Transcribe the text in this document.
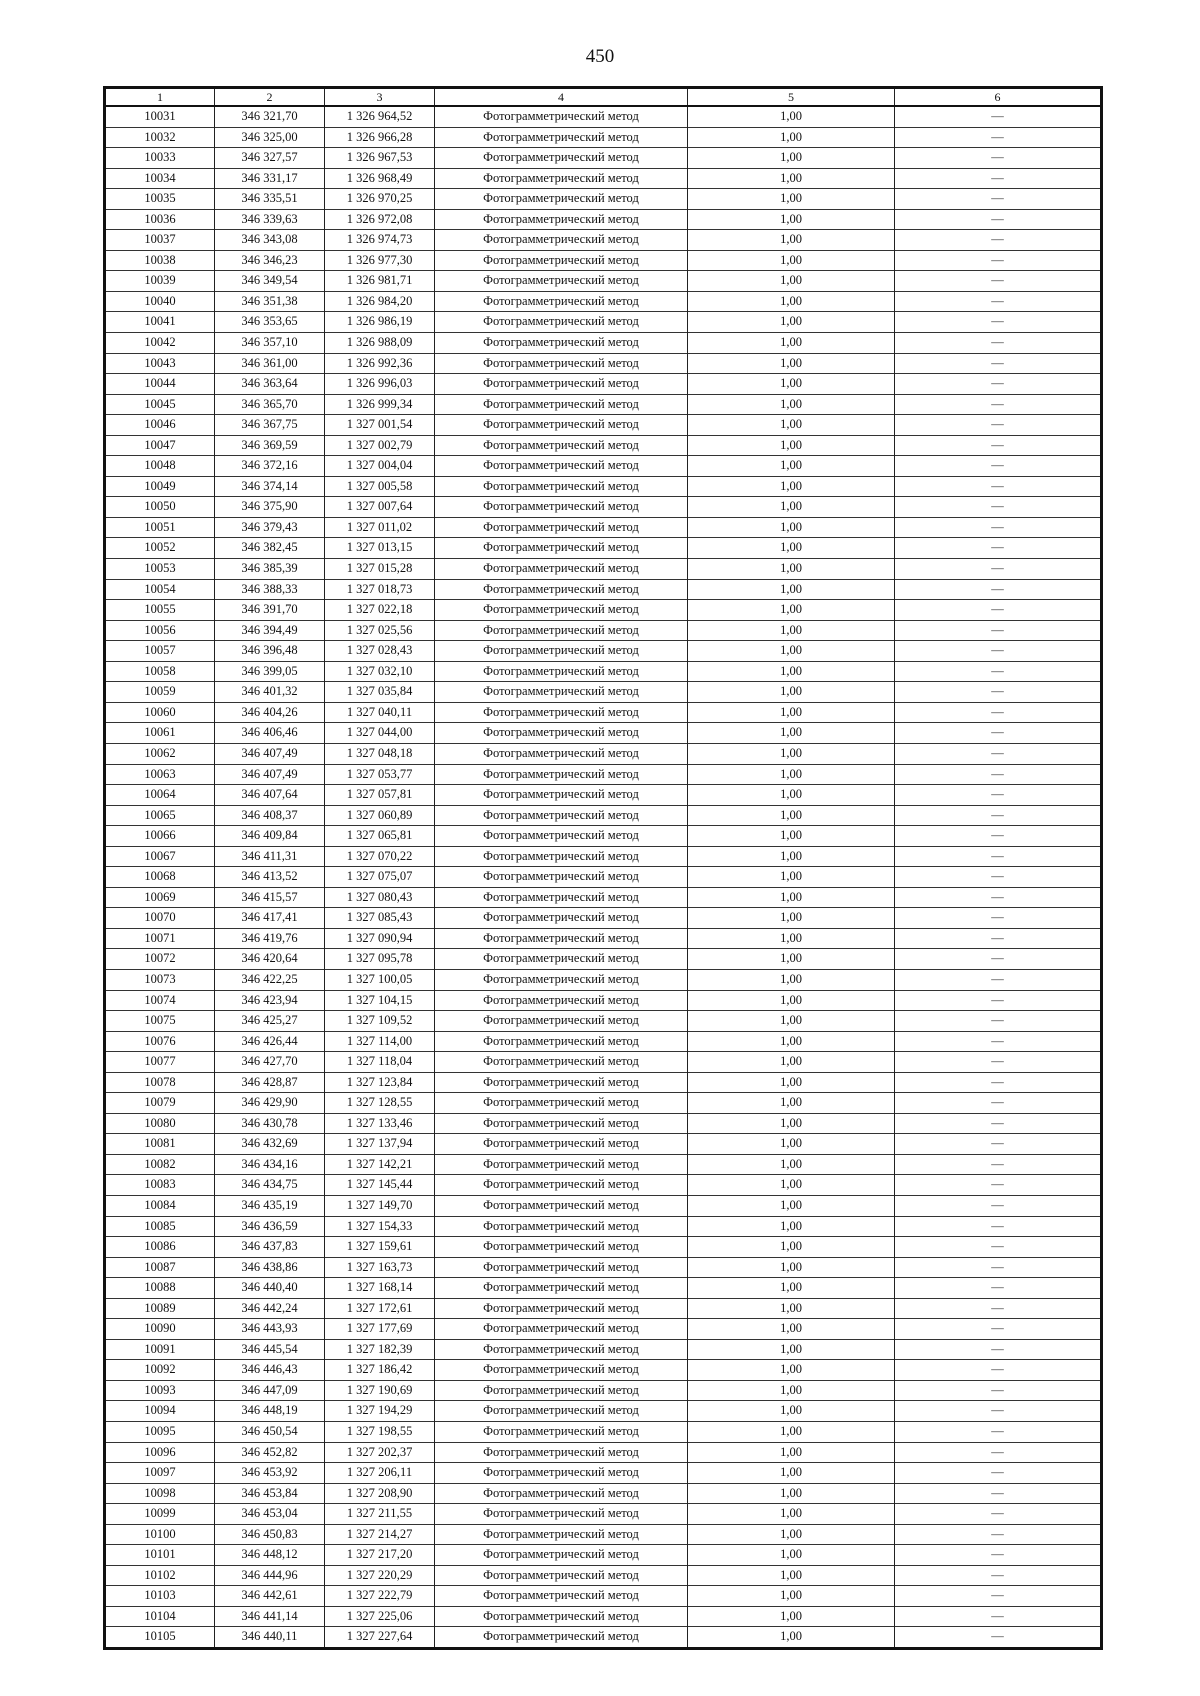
450
1	2	3	4	5	6
10031	346 321,70	1 326 964,52	Фотограмметрический метод	1,00	—
10032	346 325,00	1 326 966,28	Фотограмметрический метод	1,00	—
10033	346 327,57	1 326 967,53	Фотограмметрический метод	1,00	—
10034	346 331,17	1 326 968,49	Фотограмметрический метод	1,00	—
10035	346 335,51	1 326 970,25	Фотограмметрический метод	1,00	—
10036	346 339,63	1 326 972,08	Фотограмметрический метод	1,00	—
10037	346 343,08	1 326 974,73	Фотограмметрический метод	1,00	—
10038	346 346,23	1 326 977,30	Фотограмметрический метод	1,00	—
10039	346 349,54	1 326 981,71	Фотограмметрический метод	1,00	—
10040	346 351,38	1 326 984,20	Фотограмметрический метод	1,00	—
10041	346 353,65	1 326 986,19	Фотограмметрический метод	1,00	—
10042	346 357,10	1 326 988,09	Фотограмметрический метод	1,00	—
10043	346 361,00	1 326 992,36	Фотограмметрический метод	1,00	—
10044	346 363,64	1 326 996,03	Фотограмметрический метод	1,00	—
10045	346 365,70	1 326 999,34	Фотограмметрический метод	1,00	—
10046	346 367,75	1 327 001,54	Фотограмметрический метод	1,00	—
10047	346 369,59	1 327 002,79	Фотограмметрический метод	1,00	—
10048	346 372,16	1 327 004,04	Фотограмметрический метод	1,00	—
10049	346 374,14	1 327 005,58	Фотограмметрический метод	1,00	—
10050	346 375,90	1 327 007,64	Фотограмметрический метод	1,00	—
10051	346 379,43	1 327 011,02	Фотограмметрический метод	1,00	—
10052	346 382,45	1 327 013,15	Фотограмметрический метод	1,00	—
10053	346 385,39	1 327 015,28	Фотограмметрический метод	1,00	—
10054	346 388,33	1 327 018,73	Фотограмметрический метод	1,00	—
10055	346 391,70	1 327 022,18	Фотограмметрический метод	1,00	—
10056	346 394,49	1 327 025,56	Фотограмметрический метод	1,00	—
10057	346 396,48	1 327 028,43	Фотограмметрический метод	1,00	—
10058	346 399,05	1 327 032,10	Фотограмметрический метод	1,00	—
10059	346 401,32	1 327 035,84	Фотограмметрический метод	1,00	—
10060	346 404,26	1 327 040,11	Фотограмметрический метод	1,00	—
10061	346 406,46	1 327 044,00	Фотограмметрический метод	1,00	—
10062	346 407,49	1 327 048,18	Фотограмметрический метод	1,00	—
10063	346 407,49	1 327 053,77	Фотограмметрический метод	1,00	—
10064	346 407,64	1 327 057,81	Фотограмметрический метод	1,00	—
10065	346 408,37	1 327 060,89	Фотограмметрический метод	1,00	—
10066	346 409,84	1 327 065,81	Фотограмметрический метод	1,00	—
10067	346 411,31	1 327 070,22	Фотограмметрический метод	1,00	—
10068	346 413,52	1 327 075,07	Фотограмметрический метод	1,00	—
10069	346 415,57	1 327 080,43	Фотограмметрический метод	1,00	—
10070	346 417,41	1 327 085,43	Фотограмметрический метод	1,00	—
10071	346 419,76	1 327 090,94	Фотограмметрический метод	1,00	—
10072	346 420,64	1 327 095,78	Фотограмметрический метод	1,00	—
10073	346 422,25	1 327 100,05	Фотограмметрический метод	1,00	—
10074	346 423,94	1 327 104,15	Фотограмметрический метод	1,00	—
10075	346 425,27	1 327 109,52	Фотограмметрический метод	1,00	—
10076	346 426,44	1 327 114,00	Фотограмметрический метод	1,00	—
10077	346 427,70	1 327 118,04	Фотограмметрический метод	1,00	—
10078	346 428,87	1 327 123,84	Фотограмметрический метод	1,00	—
10079	346 429,90	1 327 128,55	Фотограмметрический метод	1,00	—
10080	346 430,78	1 327 133,46	Фотограмметрический метод	1,00	—
10081	346 432,69	1 327 137,94	Фотограмметрический метод	1,00	—
10082	346 434,16	1 327 142,21	Фотограмметрический метод	1,00	—
10083	346 434,75	1 327 145,44	Фотограмметрический метод	1,00	—
10084	346 435,19	1 327 149,70	Фотограмметрический метод	1,00	—
10085	346 436,59	1 327 154,33	Фотограмметрический метод	1,00	—
10086	346 437,83	1 327 159,61	Фотограмметрический метод	1,00	—
10087	346 438,86	1 327 163,73	Фотограмметрический метод	1,00	—
10088	346 440,40	1 327 168,14	Фотограмметрический метод	1,00	—
10089	346 442,24	1 327 172,61	Фотограмметрический метод	1,00	—
10090	346 443,93	1 327 177,69	Фотограмметрический метод	1,00	—
10091	346 445,54	1 327 182,39	Фотограмметрический метод	1,00	—
10092	346 446,43	1 327 186,42	Фотограмметрический метод	1,00	—
10093	346 447,09	1 327 190,69	Фотограмметрический метод	1,00	—
10094	346 448,19	1 327 194,29	Фотограмметрический метод	1,00	—
10095	346 450,54	1 327 198,55	Фотограмметрический метод	1,00	—
10096	346 452,82	1 327 202,37	Фотограмметрический метод	1,00	—
10097	346 453,92	1 327 206,11	Фотограмметрический метод	1,00	—
10098	346 453,84	1 327 208,90	Фотограмметрический метод	1,00	—
10099	346 453,04	1 327 211,55	Фотограмметрический метод	1,00	—
10100	346 450,83	1 327 214,27	Фотограмметрический метод	1,00	—
10101	346 448,12	1 327 217,20	Фотограмметрический метод	1,00	—
10102	346 444,96	1 327 220,29	Фотограмметрический метод	1,00	—
10103	346 442,61	1 327 222,79	Фотограмметрический метод	1,00	—
10104	346 441,14	1 327 225,06	Фотограмметрический метод	1,00	—
10105	346 440,11	1 327 227,64	Фотограмметрический метод	1,00	—
